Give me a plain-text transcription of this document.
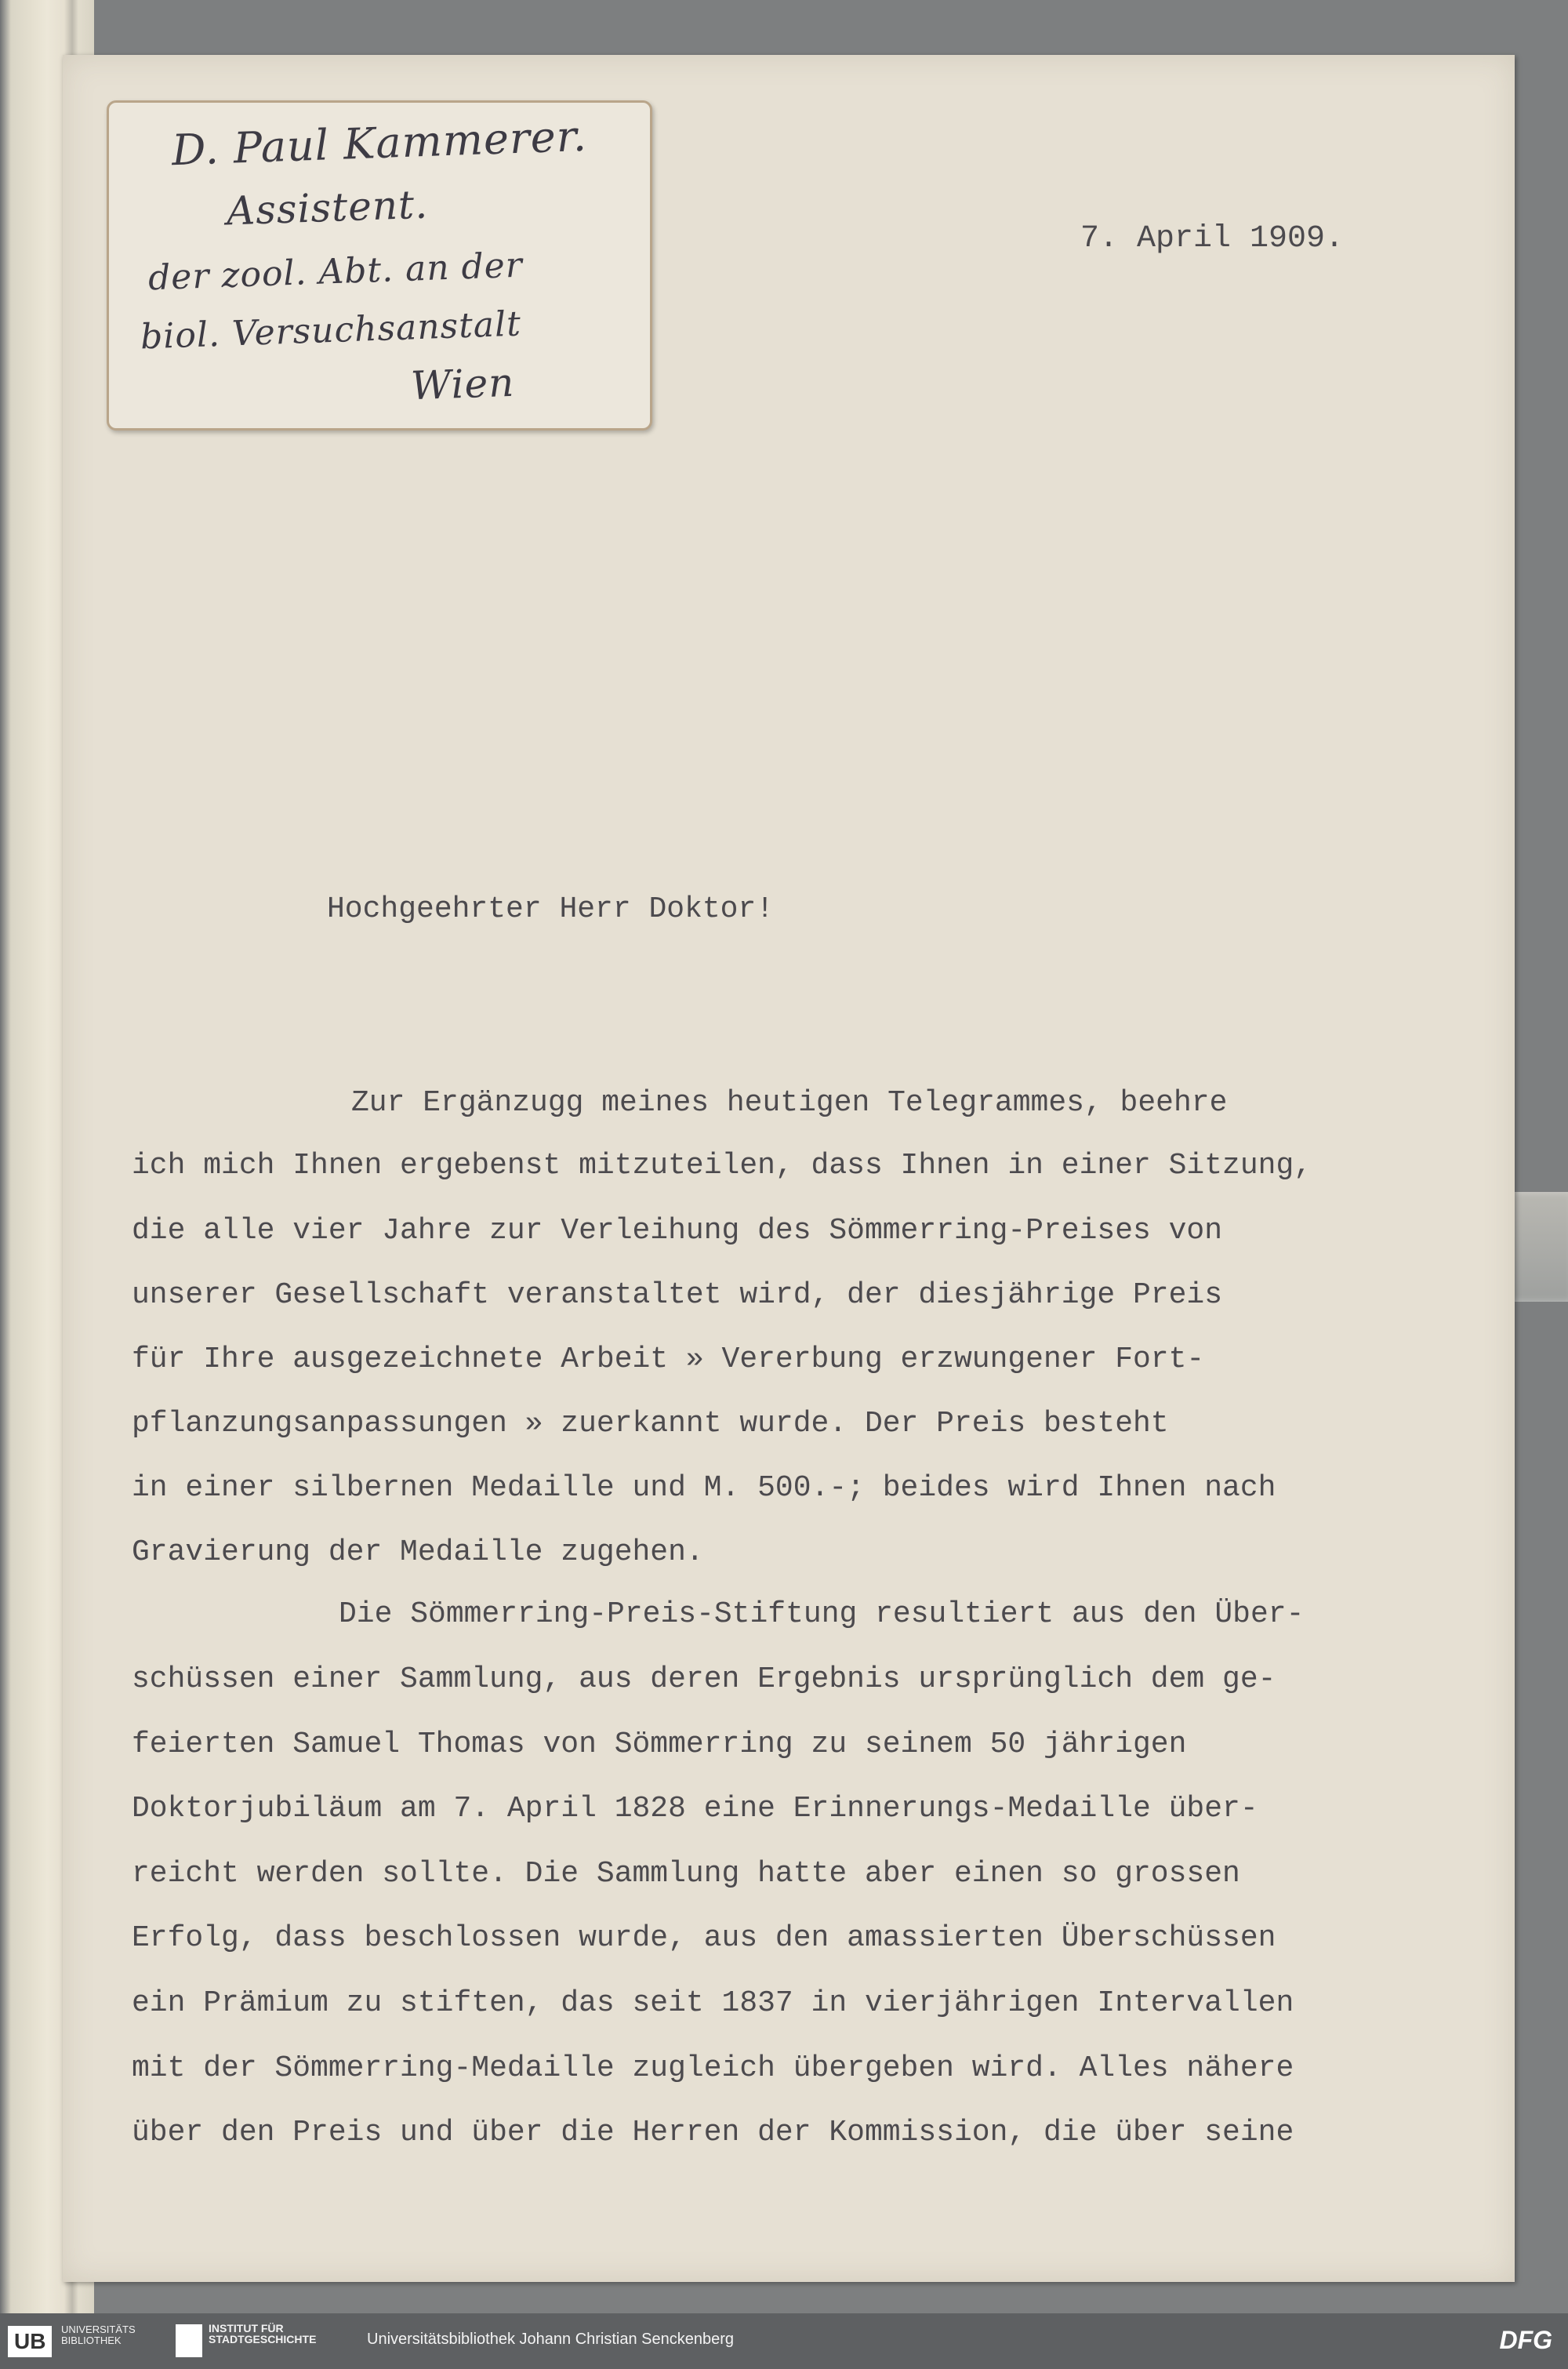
D. Paul Kammerer.

Assistent.

der zool. Abt. an der

biol. Versuchsanstalt

Wien

7. April 1909.

Hochgeehrter Herr Doktor!

Zur Ergänzugg meines heutigen Telegrammes, beehre

ich mich Ihnen ergebenst mitzuteilen, dass Ihnen in einer Sitzung,

die alle vier Jahre zur Verleihung des Sömmerring-Preises von

unserer Gesellschaft veranstaltet wird, der diesjährige Preis

für Ihre ausgezeichnete Arbeit » Vererbung erzwungener Fort-

pflanzungsanpassungen » zuerkannt wurde. Der Preis besteht

in einer silbernen Medaille und M. 500.-; beides wird Ihnen nach

Gravierung der Medaille zugehen.

Die Sömmerring-Preis-Stiftung resultiert aus den Über-

schüssen einer Sammlung, aus deren Ergebnis ursprünglich dem ge-

feierten Samuel Thomas von Sömmerring zu seinem 50 jährigen

Doktorjubiläum am 7. April 1828 eine Erinnerungs-Medaille über-

reicht werden sollte. Die Sammlung hatte aber einen so grossen

Erfolg, dass beschlossen wurde, aus den amassierten Überschüssen

ein Prämium zu stiften, das seit 1837 in vierjährigen Intervallen

mit der Sömmerring-Medaille zugleich übergeben wird. Alles nähere

über den Preis und über die Herren der Kommission, die über seine

UB	UNIVERSITÄTS BIBLIOTHEK

INSTITUT FÜR STADTGESCHICHTE	Universitätsbibliothek Johann Christian Senckenberg	DFG
